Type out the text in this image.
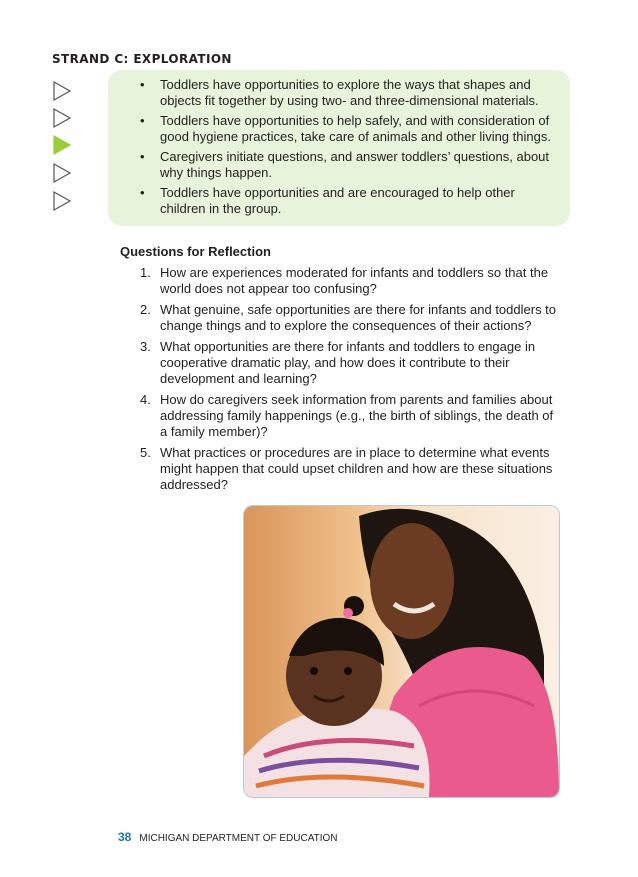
STRAND C: EXPLORATION
• Toddlers have opportunities to explore the ways that shapes and objects fit together by using two- and three-dimensional materials.
• Toddlers have opportunities to help safely, and with consideration of good hygiene practices, take care of animals and other living things.
• Caregivers initiate questions, and answer toddlers’ questions, about why things happen.
• Toddlers have opportunities and are encouraged to help other children in the group.
Questions for Reflection
1. How are experiences moderated for infants and toddlers so that the world does not appear too confusing?
2. What genuine, safe opportunities are there for infants and toddlers to change things and to explore the consequences of their actions?
3. What opportunities are there for infants and toddlers to engage in cooperative dramatic play, and how does it contribute to their development and learning?
4. How do caregivers seek information from parents and families about addressing family happenings (e.g., the birth of siblings, the death of a family member)?
5. What practices or procedures are in place to determine what events might happen that could upset children and how are these situations addressed?
38 MICHIGAN DEPARTMENT OF EDUCATION
